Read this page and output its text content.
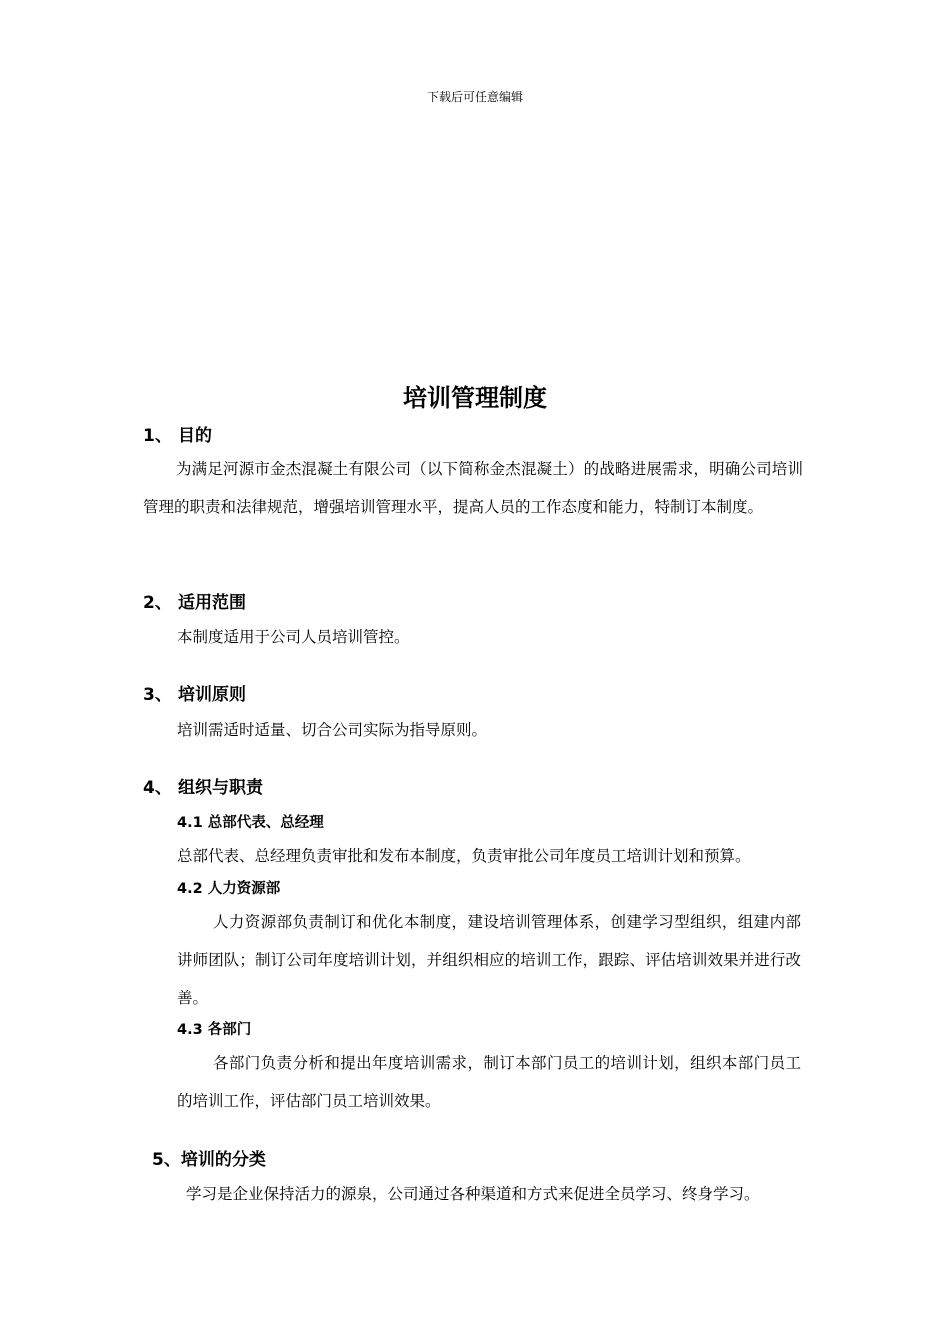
下载后可任意编辑
培训管理制度
1、 目的
为满足河源市金杰混凝土有限公司（以下简称金杰混凝土）的战略进展需求，明确公司培训管理的职责和法律规范，增强培训管理水平，提高人员的工作态度和能力，特制订本制度。
2、 适用范围
本制度适用于公司人员培训管控。
3、 培训原则
培训需适时适量、切合公司实际为指导原则。
4、 组织与职责
4.1 总部代表、总经理
总部代表、总经理负责审批和发布本制度，负责审批公司年度员工培训计划和预算。
4.2 人力资源部
人力资源部负责制订和优化本制度，建设培训管理体系，创建学习型组织，组建内部讲师团队；制订公司年度培训计划，并组织相应的培训工作，跟踪、评估培训效果并进行改善。
4.3 各部门
各部门负责分析和提出年度培训需求，制订本部门员工的培训计划，组织本部门员工的培训工作，评估部门员工培训效果。
5、培训的分类
学习是企业保持活力的源泉，公司通过各种渠道和方式来促进全员学习、终身学习。
